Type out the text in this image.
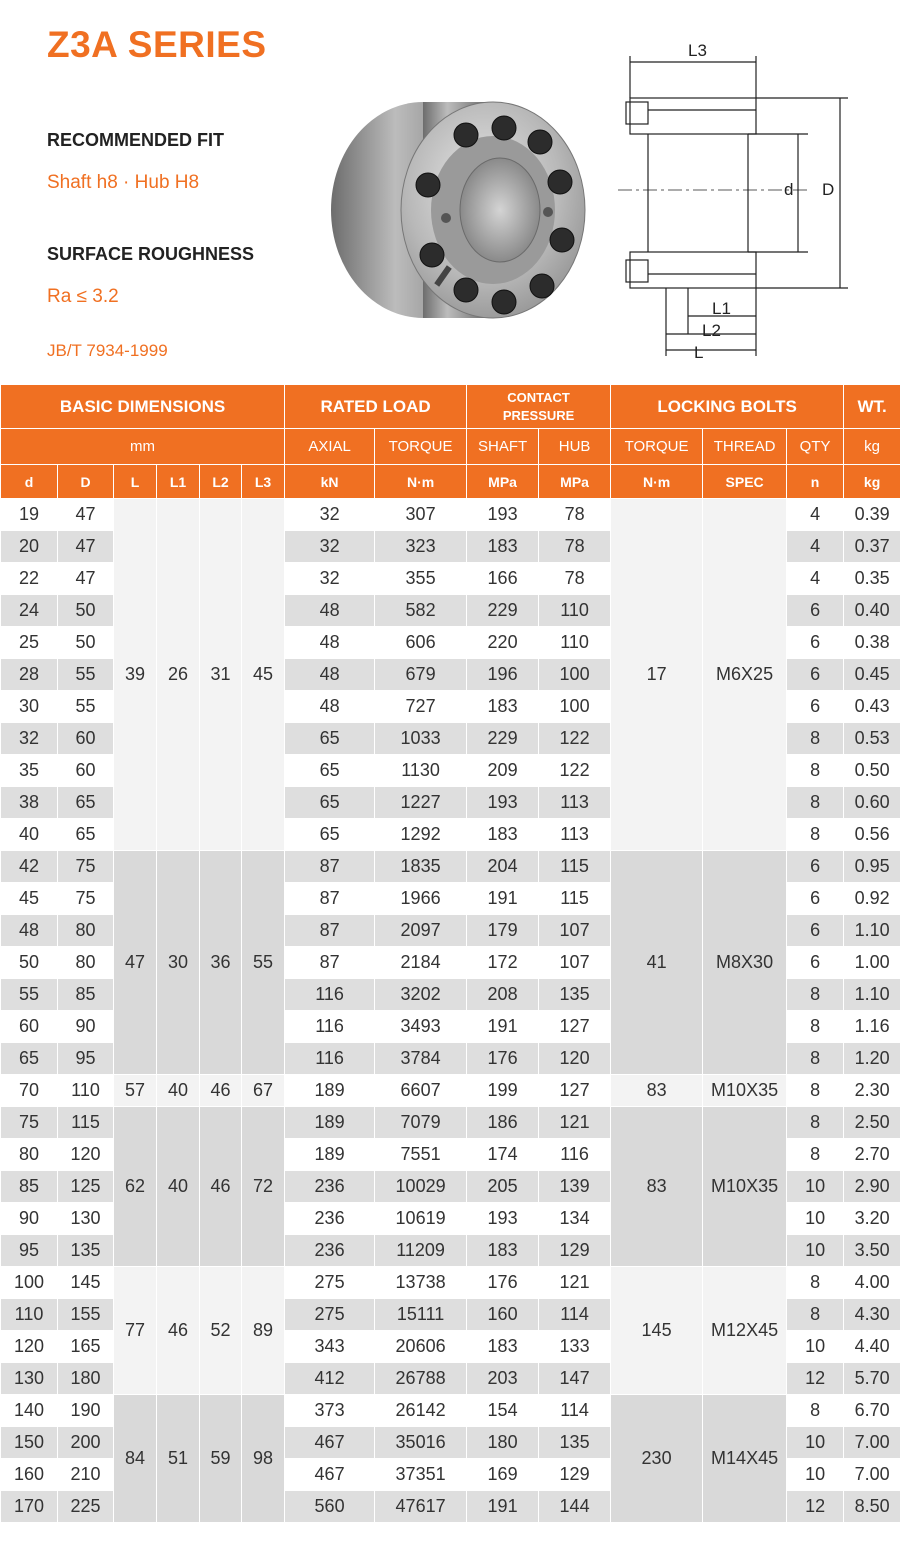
Z3A SERIES
RECOMMENDED FIT
Shaft h8 · Hub H8
SURFACE ROUGHNESS
Ra ≤ 3.2
JB/T 7934-1999
L3
d D
L1
L2
L
BASIC DIMENSIONS						RATED LOAD		CONTACT
PRESSURE		LOCKING BOLTS			WT.
mm						AXIAL	TORQUE	SHAFT	HUB	TORQUE	THREAD	QTY	kg
d	D	L	L1	L2	L3	kN	N·m	MPa	MPa	N·m	SPEC	n	kg
19	47	39	26	31	45	32	307	193	78	17	M6X25	4	0.39
20	47					32	323	183	78			4	0.37
22	47					32	355	166	78			4	0.35
24	50					48	582	229	110			6	0.40
25	50					48	606	220	110			6	0.38
28	55					48	679	196	100			6	0.45
30	55					48	727	183	100			6	0.43
32	60					65	1033	229	122			8	0.53
35	60					65	1130	209	122			8	0.50
38	65					65	1227	193	113			8	0.60
40	65					65	1292	183	113			8	0.56
42	75	47	30	36	55	87	1835	204	115	41	M8X30	6	0.95
45	75					87	1966	191	115			6	0.92
48	80					87	2097	179	107			6	1.10
50	80					87	2184	172	107			6	1.00
55	85					116	3202	208	135			8	1.10
60	90					116	3493	191	127			8	1.16
65	95					116	3784	176	120			8	1.20
70	110	57	40	46	67	189	6607	199	127	83	M10X35	8	2.30
75	115	62	40	46	72	189	7079	186	121	83	M10X35	8	2.50
80	120					189	7551	174	116			8	2.70
85	125					236	10029	205	139			10	2.90
90	130					236	10619	193	134			10	3.20
95	135					236	11209	183	129			10	3.50
100	145	77	46	52	89	275	13738	176	121	145	M12X45	8	4.00
110	155					275	15111	160	114			8	4.30
120	165					343	20606	183	133			10	4.40
130	180					412	26788	203	147			12	5.70
140	190	84	51	59	98	373	26142	154	114	230	M14X45	8	6.70
150	200					467	35016	180	135			10	7.00
160	210					467	37351	169	129			10	7.00
170	225					560	47617	191	144			12	8.50
